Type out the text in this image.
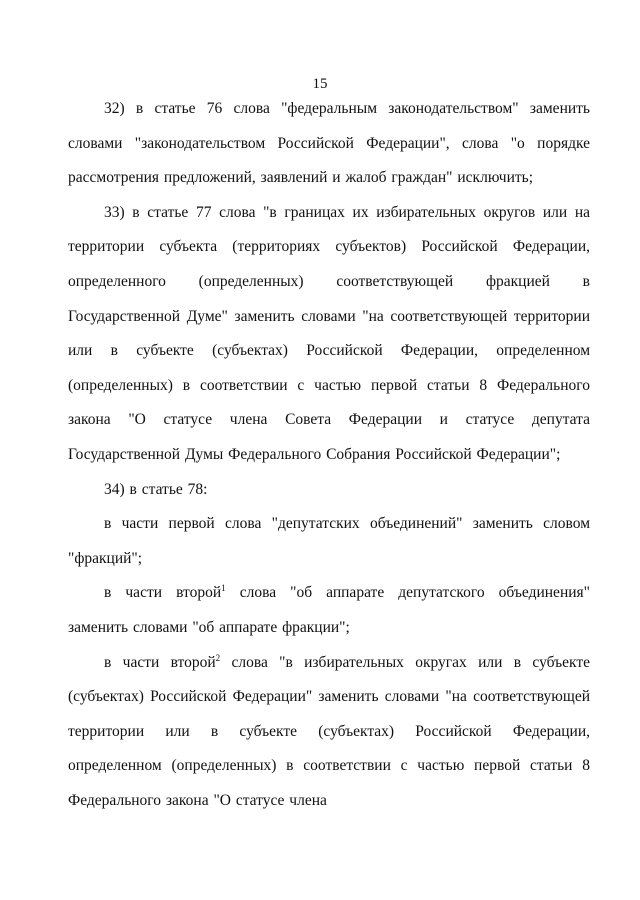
15

32) в статье 76 слова "федеральным законодательством" заменить словами "законодательством Российской Федерации", слова "о порядке рассмотрения предложений, заявлений и жалоб граждан" исключить;

33) в статье 77 слова "в границах их избирательных округов или на территории субъекта (территориях субъектов) Российской Федерации, определенного (определенных) соответствующей фракцией в Государственной Думе" заменить словами "на соответствующей территории или в субъекте (субъектах) Российской Федерации, определенном (определенных) в соответствии с частью первой статьи 8 Федерального закона "О статусе члена Совета Федерации и статусе депутата Государственной Думы Федерального Собрания Российской Федерации";

34) в статье 78:

в части первой слова "депутатских объединений" заменить словом "фракций";

в части второй$^1$ слова "об аппарате депутатского объединения" заменить словами "об аппарате фракции";

в части второй$^2$ слова "в избирательных округах или в субъекте (субъектах) Российской Федерации" заменить словами "на соответствующей территории или в субъекте (субъектах) Российской Федерации, определенном (определенных) в соответствии с частью первой статьи 8 Федерального закона "О статусе члена
